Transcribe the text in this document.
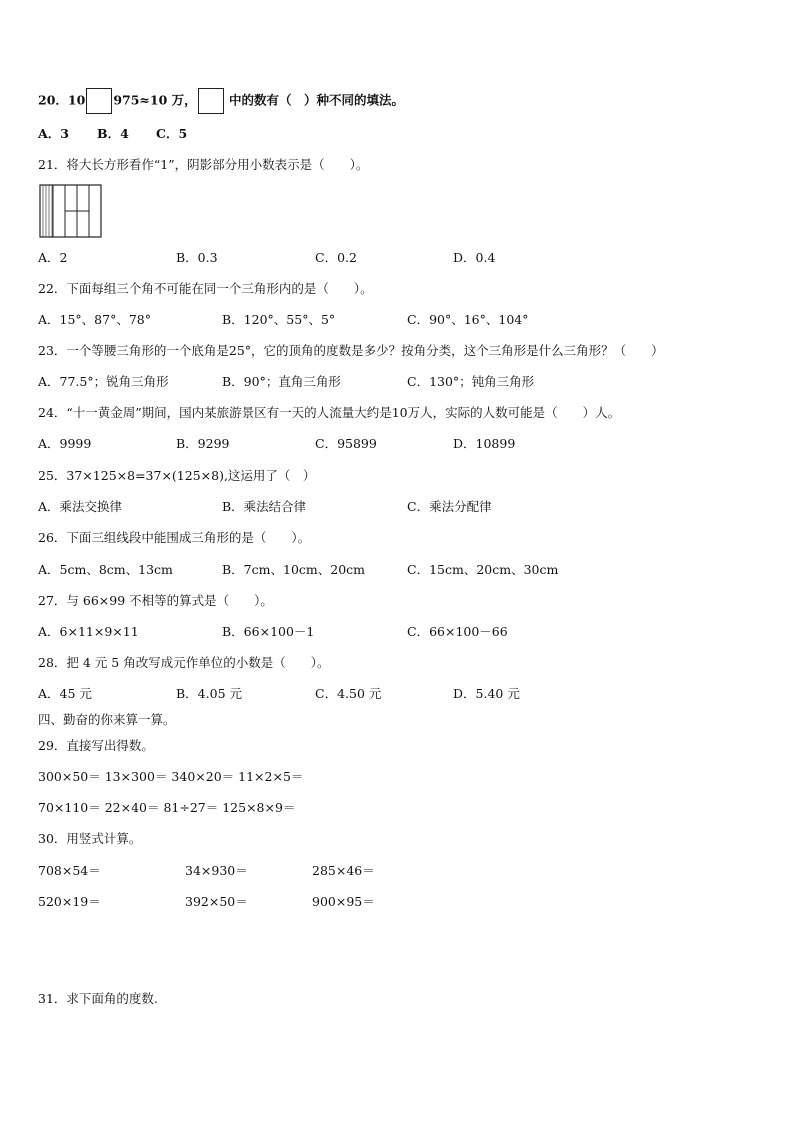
20．10 975≈10 万，	中的数有（　）种不同的填法。
A．3 B．4 C．5
21．将大长方形看作“1”，阴影部分用小数表示是（　　）。
A．2	B．0.3	C．0.2	D．0.4
22．下面每组三个角不可能在同一个三角形内的是（　　）。
A．15°、87°、78°	B．120°、55°、5°	C．90°、16°、104°
23．一个等腰三角形的一个底角是25°，它的顶角的度数是多少？按角分类，这个三角形是什么三角形？（　　）
A．77.5°；锐角三角形	B．90°；直角三角形	C．130°；钝角三角形
24．“十一黄金周”期间，国内某旅游景区有一天的人流量大约是10万人，实际的人数可能是（　　）人。
A．9999	B．9299	C．95899	D．10899
25．37×125×8=37×(125×8),这运用了（　）
A．乘法交换律	B．乘法结合律	C．乘法分配律
26．下面三组线段中能围成三角形的是（　　）。
A．5cm、8cm、13cm	B．7cm、10cm、20cm	C．15cm、20cm、30cm
27．与 66×99 不相等的算式是（　　）。
A．6×11×9×11	B．66×100－1	C．66×100－66
28．把 4 元 5 角改写成元作单位的小数是（　　）。
A．45 元	B．4.05 元	C．4.50 元	D．5.40 元
四、勤奋的你来算一算。
29．直接写出得数。
300×50＝ 13×300＝ 340×20＝ 11×2×5＝
70×110＝ 22×40＝ 81÷27＝ 125×8×9＝
30．用竖式计算。
708×54＝	34×930＝	285×46＝
520×19＝	392×50＝	900×95＝
31．求下面角的度数.
